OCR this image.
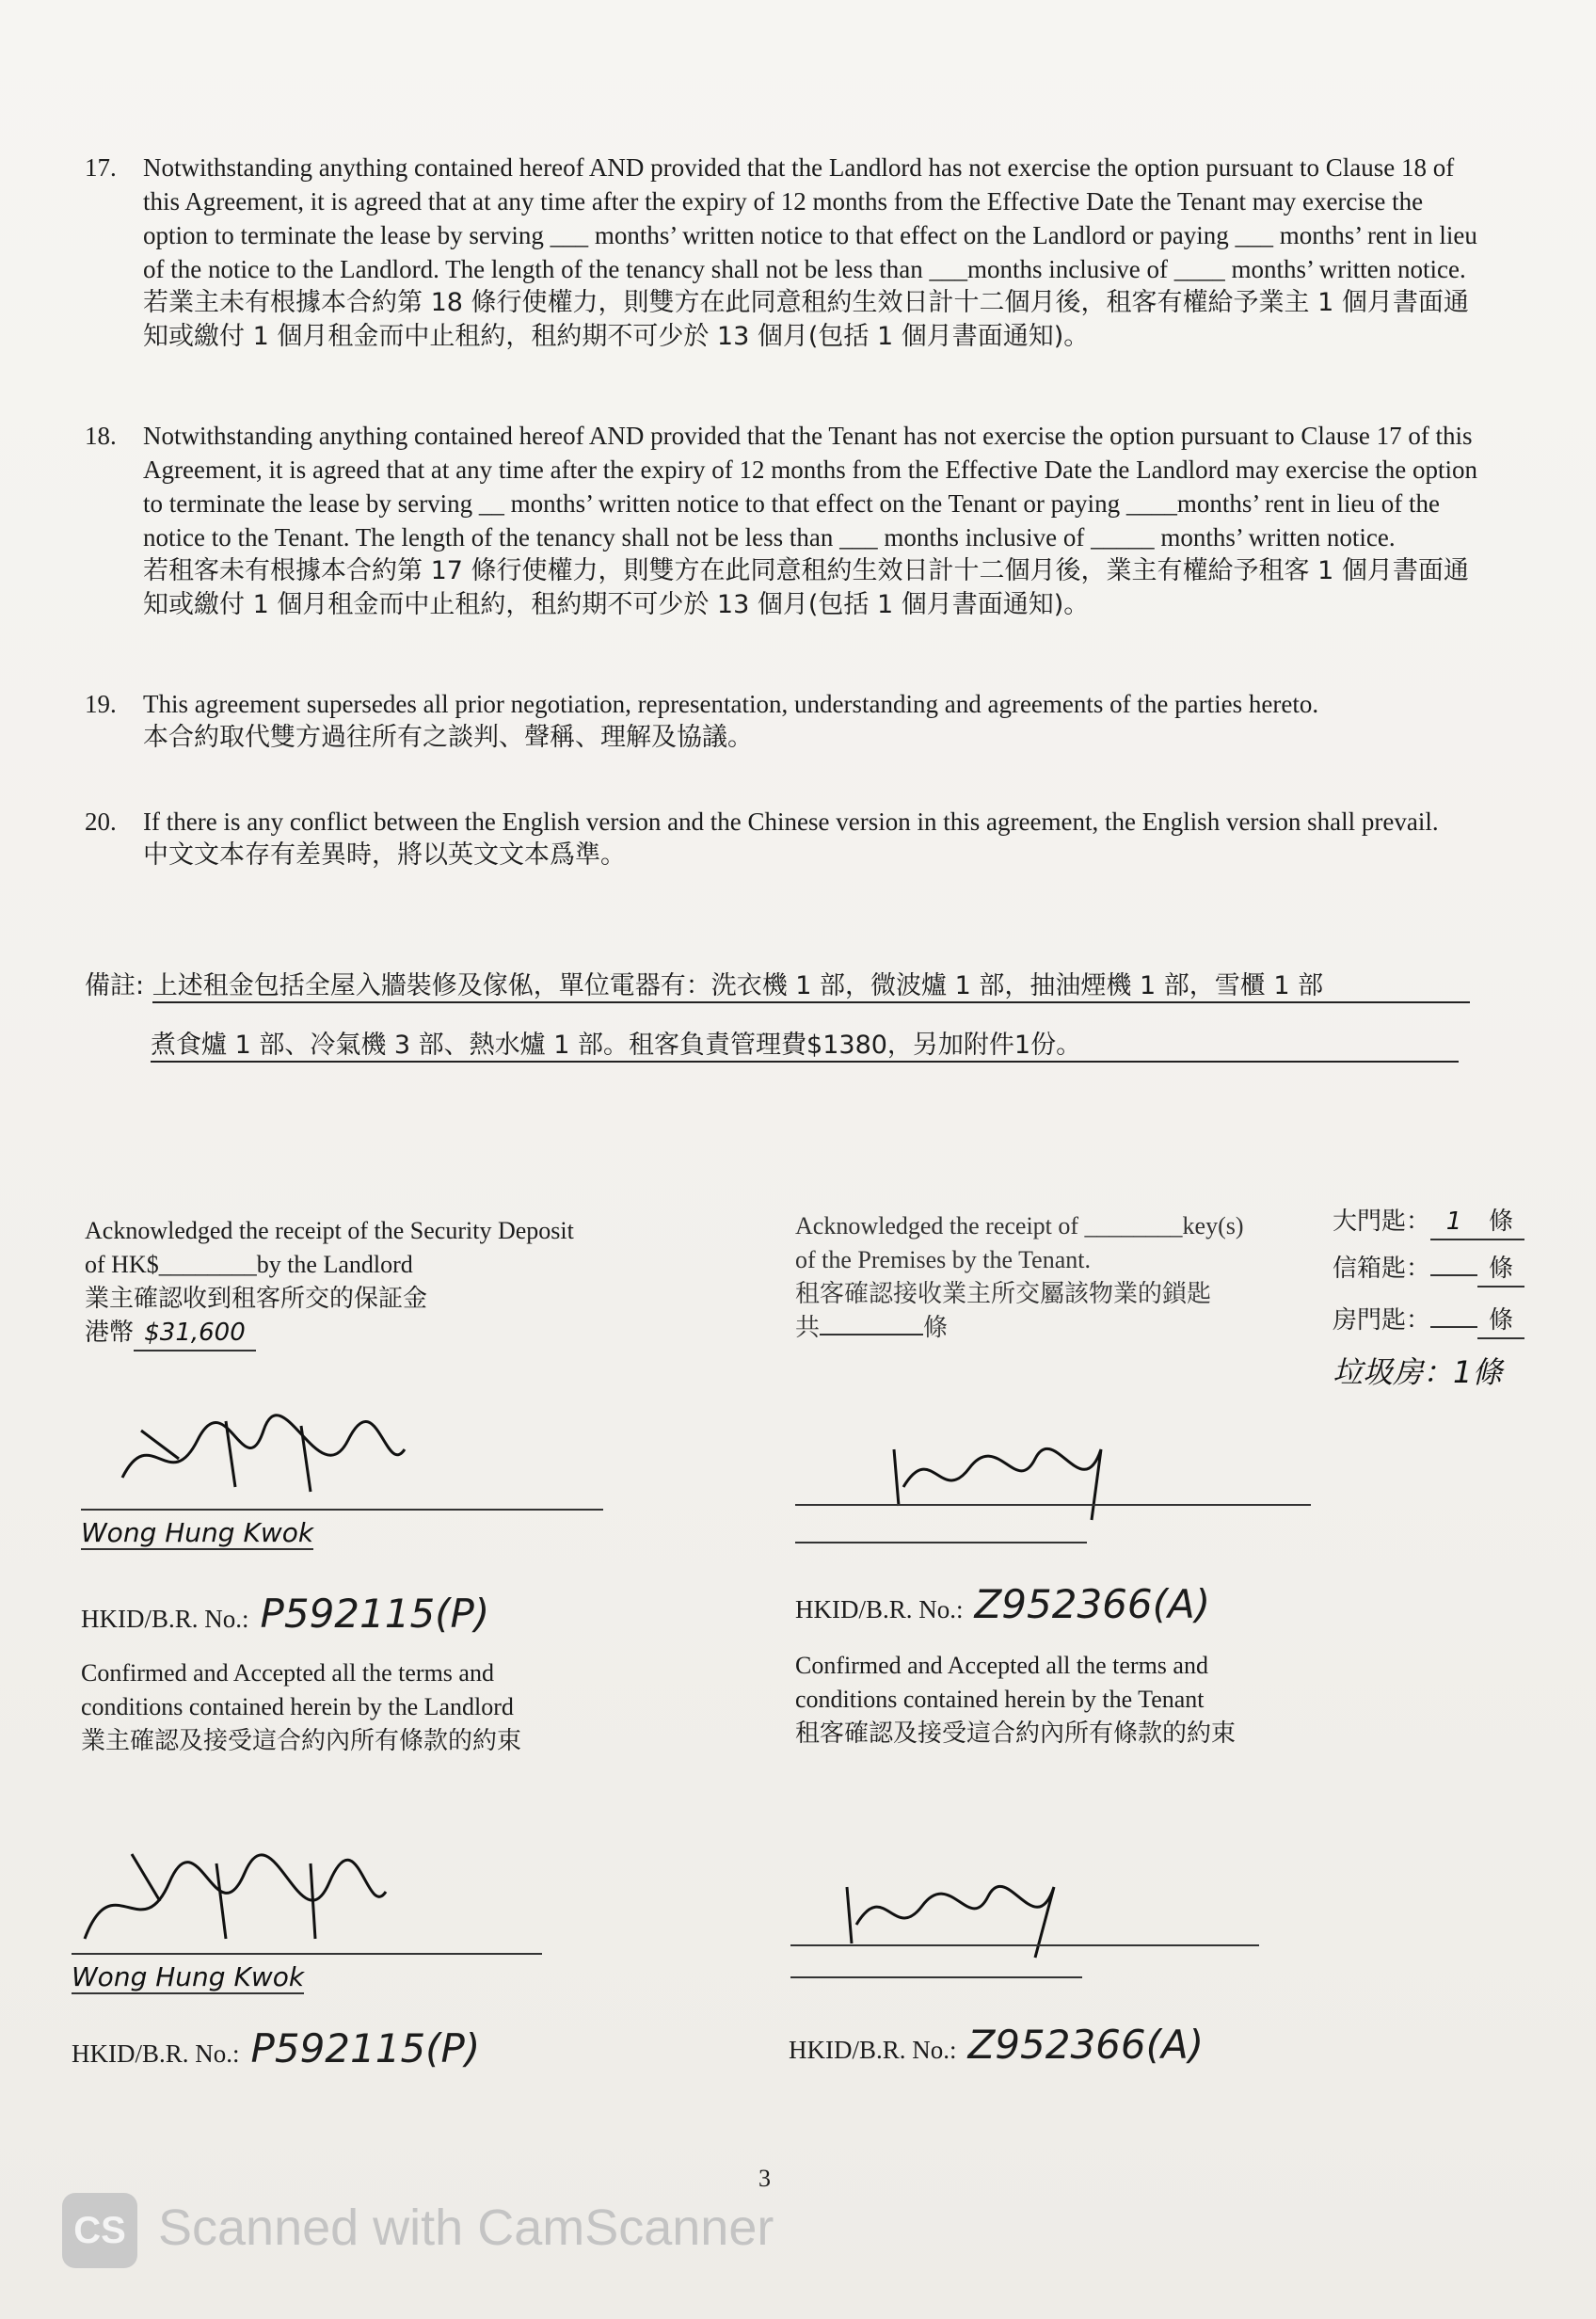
17.	Notwithstanding anything contained hereof AND provided that the Landlord has not exercise the option pursuant to Clause 18 of this Agreement, it is agreed that at any time after the expiry of 12 months from the Effective Date the Tenant may exercise the option to terminate the lease by serving ___ months’ written notice to that effect on the Landlord or paying ___ months’ rent in lieu of the notice to the Landlord. The length of the tenancy shall not be less than ___months inclusive of ____ months’ written notice.
若業主未有根據本合約第 18 條行使權力，則雙方在此同意租約生效日計十二個月後，租客有權給予業主 1 個月書面通知或繳付 1 個月租金而中止租約，租約期不可少於 13 個月(包括 1 個月書面通知)。
18.	Notwithstanding anything contained hereof AND provided that the Tenant has not exercise the option pursuant to Clause 17 of this Agreement, it is agreed that at any time after the expiry of 12 months from the Effective Date the Landlord may exercise the option to terminate the lease by serving __ months’ written notice to that effect on the Tenant or paying ____months’ rent in lieu of the notice to the Tenant. The length of the tenancy shall not be less than ___ months inclusive of _____ months’ written notice.
若租客未有根據本合約第 17 條行使權力，則雙方在此同意租約生效日計十二個月後，業主有權給予租客 1 個月書面通知或繳付 1 個月租金而中止租約，租約期不可少於 13 個月(包括 1 個月書面通知)。
19.	This agreement supersedes all prior negotiation, representation, understanding and agreements of the parties hereto.
本合約取代雙方過往所有之談判、聲稱、理解及協議。
20.	If there is any conflict between the English version and the Chinese version in this agreement, the English version shall prevail.
中文文本存有差異時，將以英文文本爲準。
備註: 上述租金包括全屋入牆裝修及傢俬，單位電器有：洗衣機 1 部，微波爐 1 部，抽油煙機 1 部，雪櫃 1 部
煮食爐 1 部、冷氣機 3 部、熱水爐 1 部。租客負責管理費$1380，另加附件1份。
Acknowledged the receipt of the Security Deposit
of HK$________by the Landlord
業主確認收到租客所交的保証金
港幣 $31,600
Acknowledged the receipt of ________key(s)
of the Premises by the Tenant.
租客確認接收業主所交屬該物業的鎖匙
共	條
大門匙： 1 條
信箱匙： 條
房門匙： 條
垃圾房：1條
Wong Hung Kwok
HKID/B.R. No.: P592115(P)
Confirmed and Accepted all the terms and
conditions contained herein by the Landlord
業主確認及接受這合約內所有條款的約束
HKID/B.R. No.: Z952366(A)
Confirmed and Accepted all the terms and
conditions contained herein by the Tenant
租客確認及接受這合約內所有條款的約束
Wong Hung Kwok
HKID/B.R. No.: P592115(P)	HKID/B.R. No.: Z952366(A)
3
CS Scanned with CamScanner
